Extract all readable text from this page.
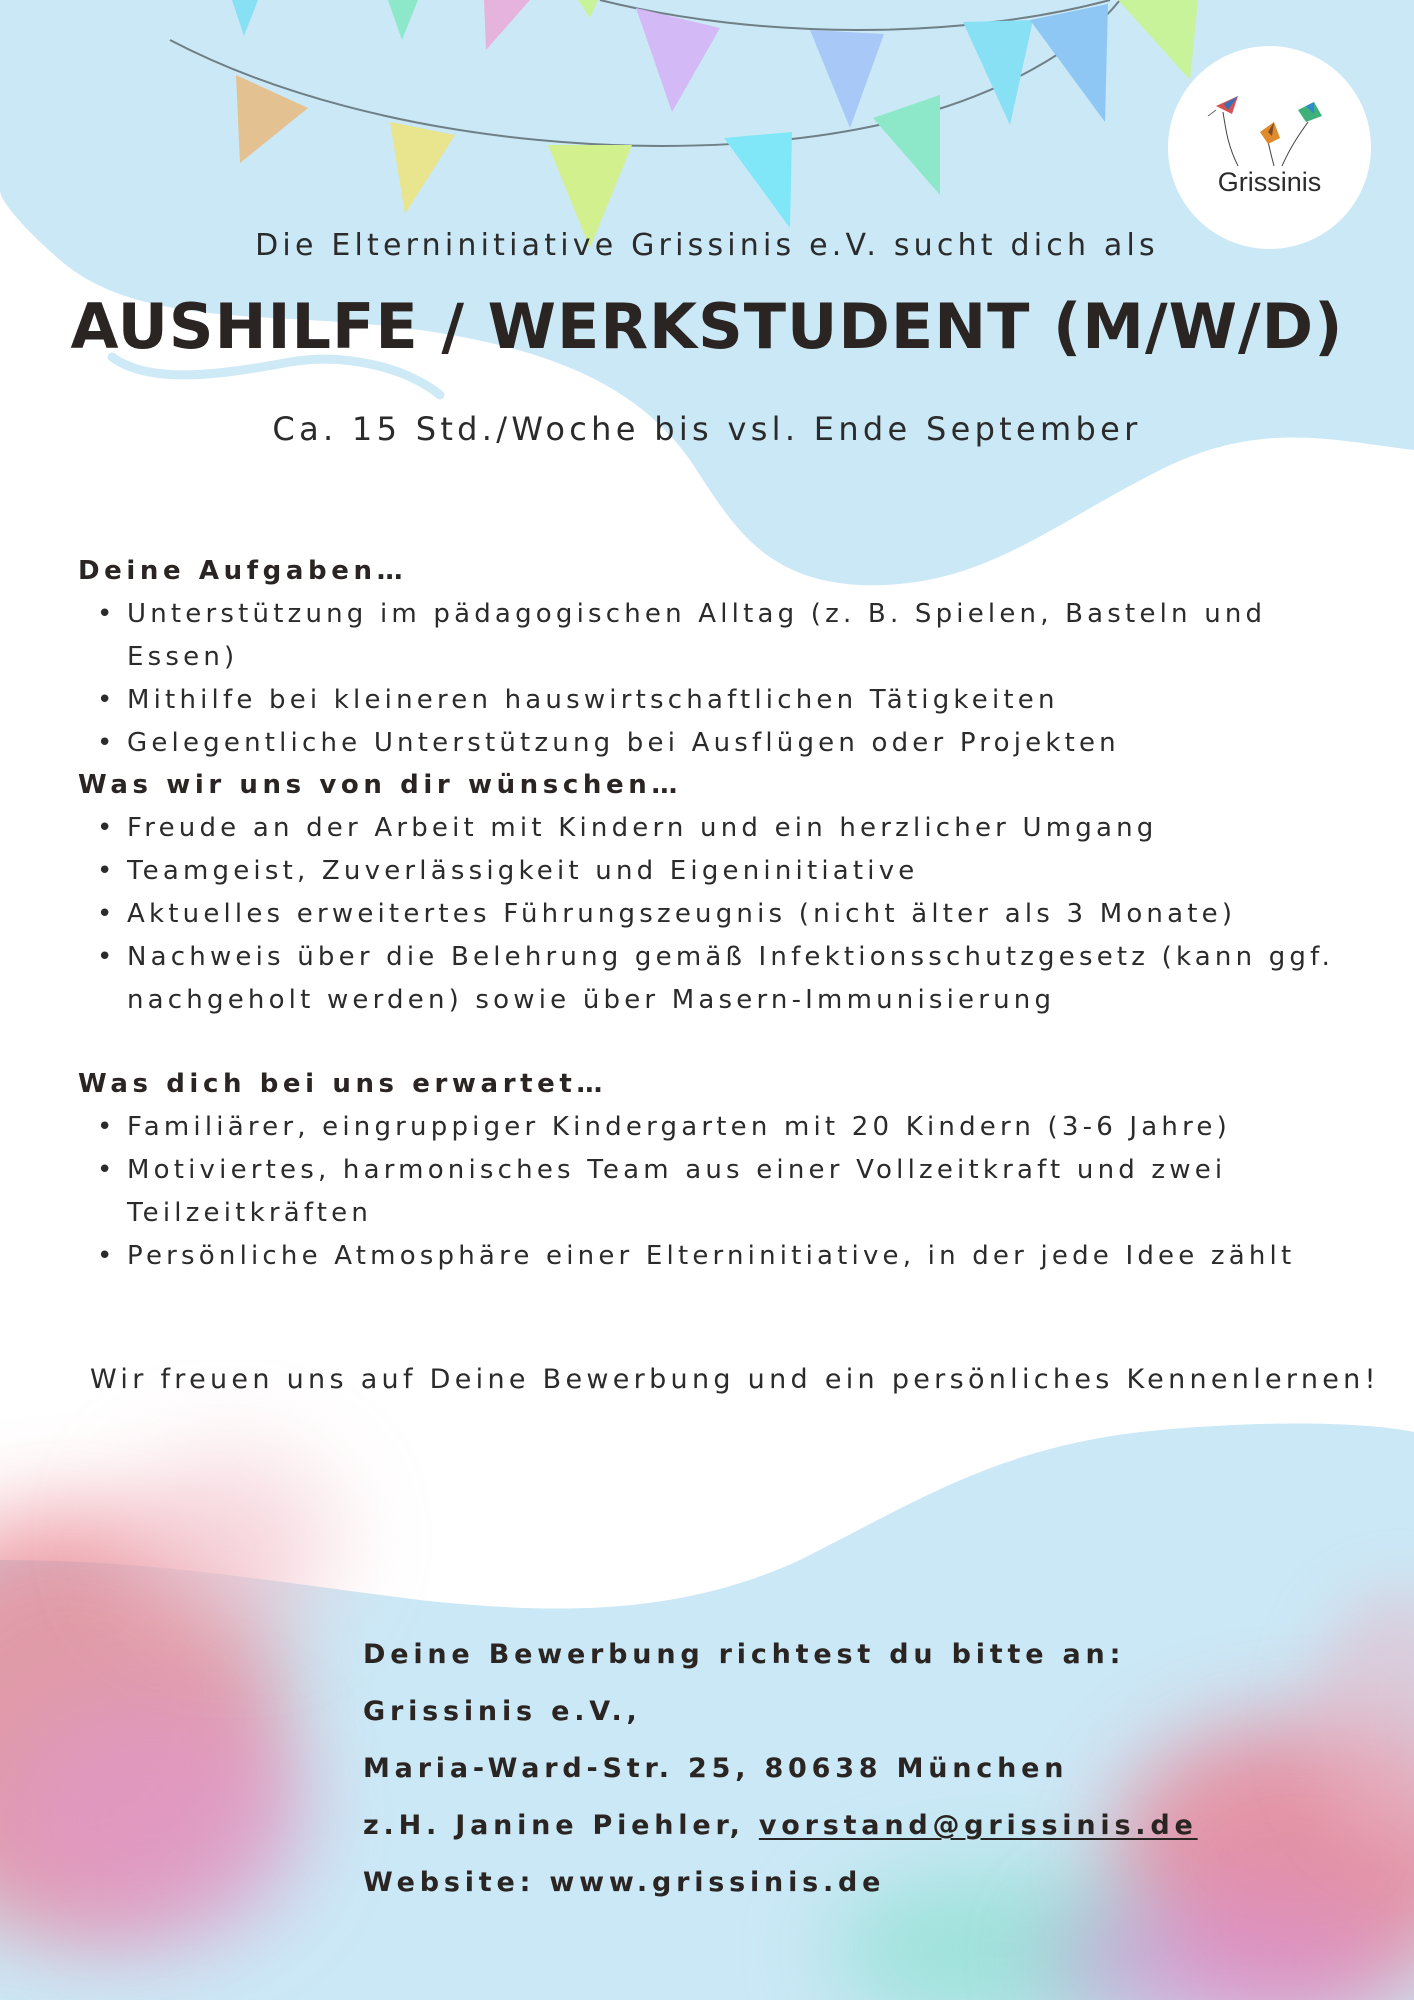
Grissinis
Die Elterninitiative Grissinis e.V. sucht dich als
AUSHILFE / WERKSTUDENT (M/W/D)
Ca. 15 Std./Woche bis vsl. Ende September
Deine Aufgaben…
• Unterstützung im pädagogischen Alltag (z. B. Spielen, Basteln und Essen)
• Mithilfe bei kleineren hauswirtschaftlichen Tätigkeiten
• Gelegentliche Unterstützung bei Ausflügen oder Projekten
Was wir uns von dir wünschen…
• Freude an der Arbeit mit Kindern und ein herzlicher Umgang
• Teamgeist, Zuverlässigkeit und Eigeninitiative
• Aktuelles erweitertes Führungszeugnis (nicht älter als 3 Monate)
• Nachweis über die Belehrung gemäß Infektionsschutzgesetz (kann ggf.
nachgeholt werden) sowie über Masern-Immunisierung
Was dich bei uns erwartet…
• Familiärer, eingruppiger Kindergarten mit 20 Kindern (3-6 Jahre)
• Motiviertes, harmonisches Team aus einer Vollzeitkraft und zwei
Teilzeitkräften
• Persönliche Atmosphäre einer Elterninitiative, in der jede Idee zählt
Wir freuen uns auf Deine Bewerbung und ein persönliches Kennenlernen!
Deine Bewerbung richtest du bitte an:
Grissinis e.V.,
Maria-Ward-Str. 25, 80638 München
z.H. Janine Piehler, vorstand@grissinis.de
Website: www.grissinis.de
